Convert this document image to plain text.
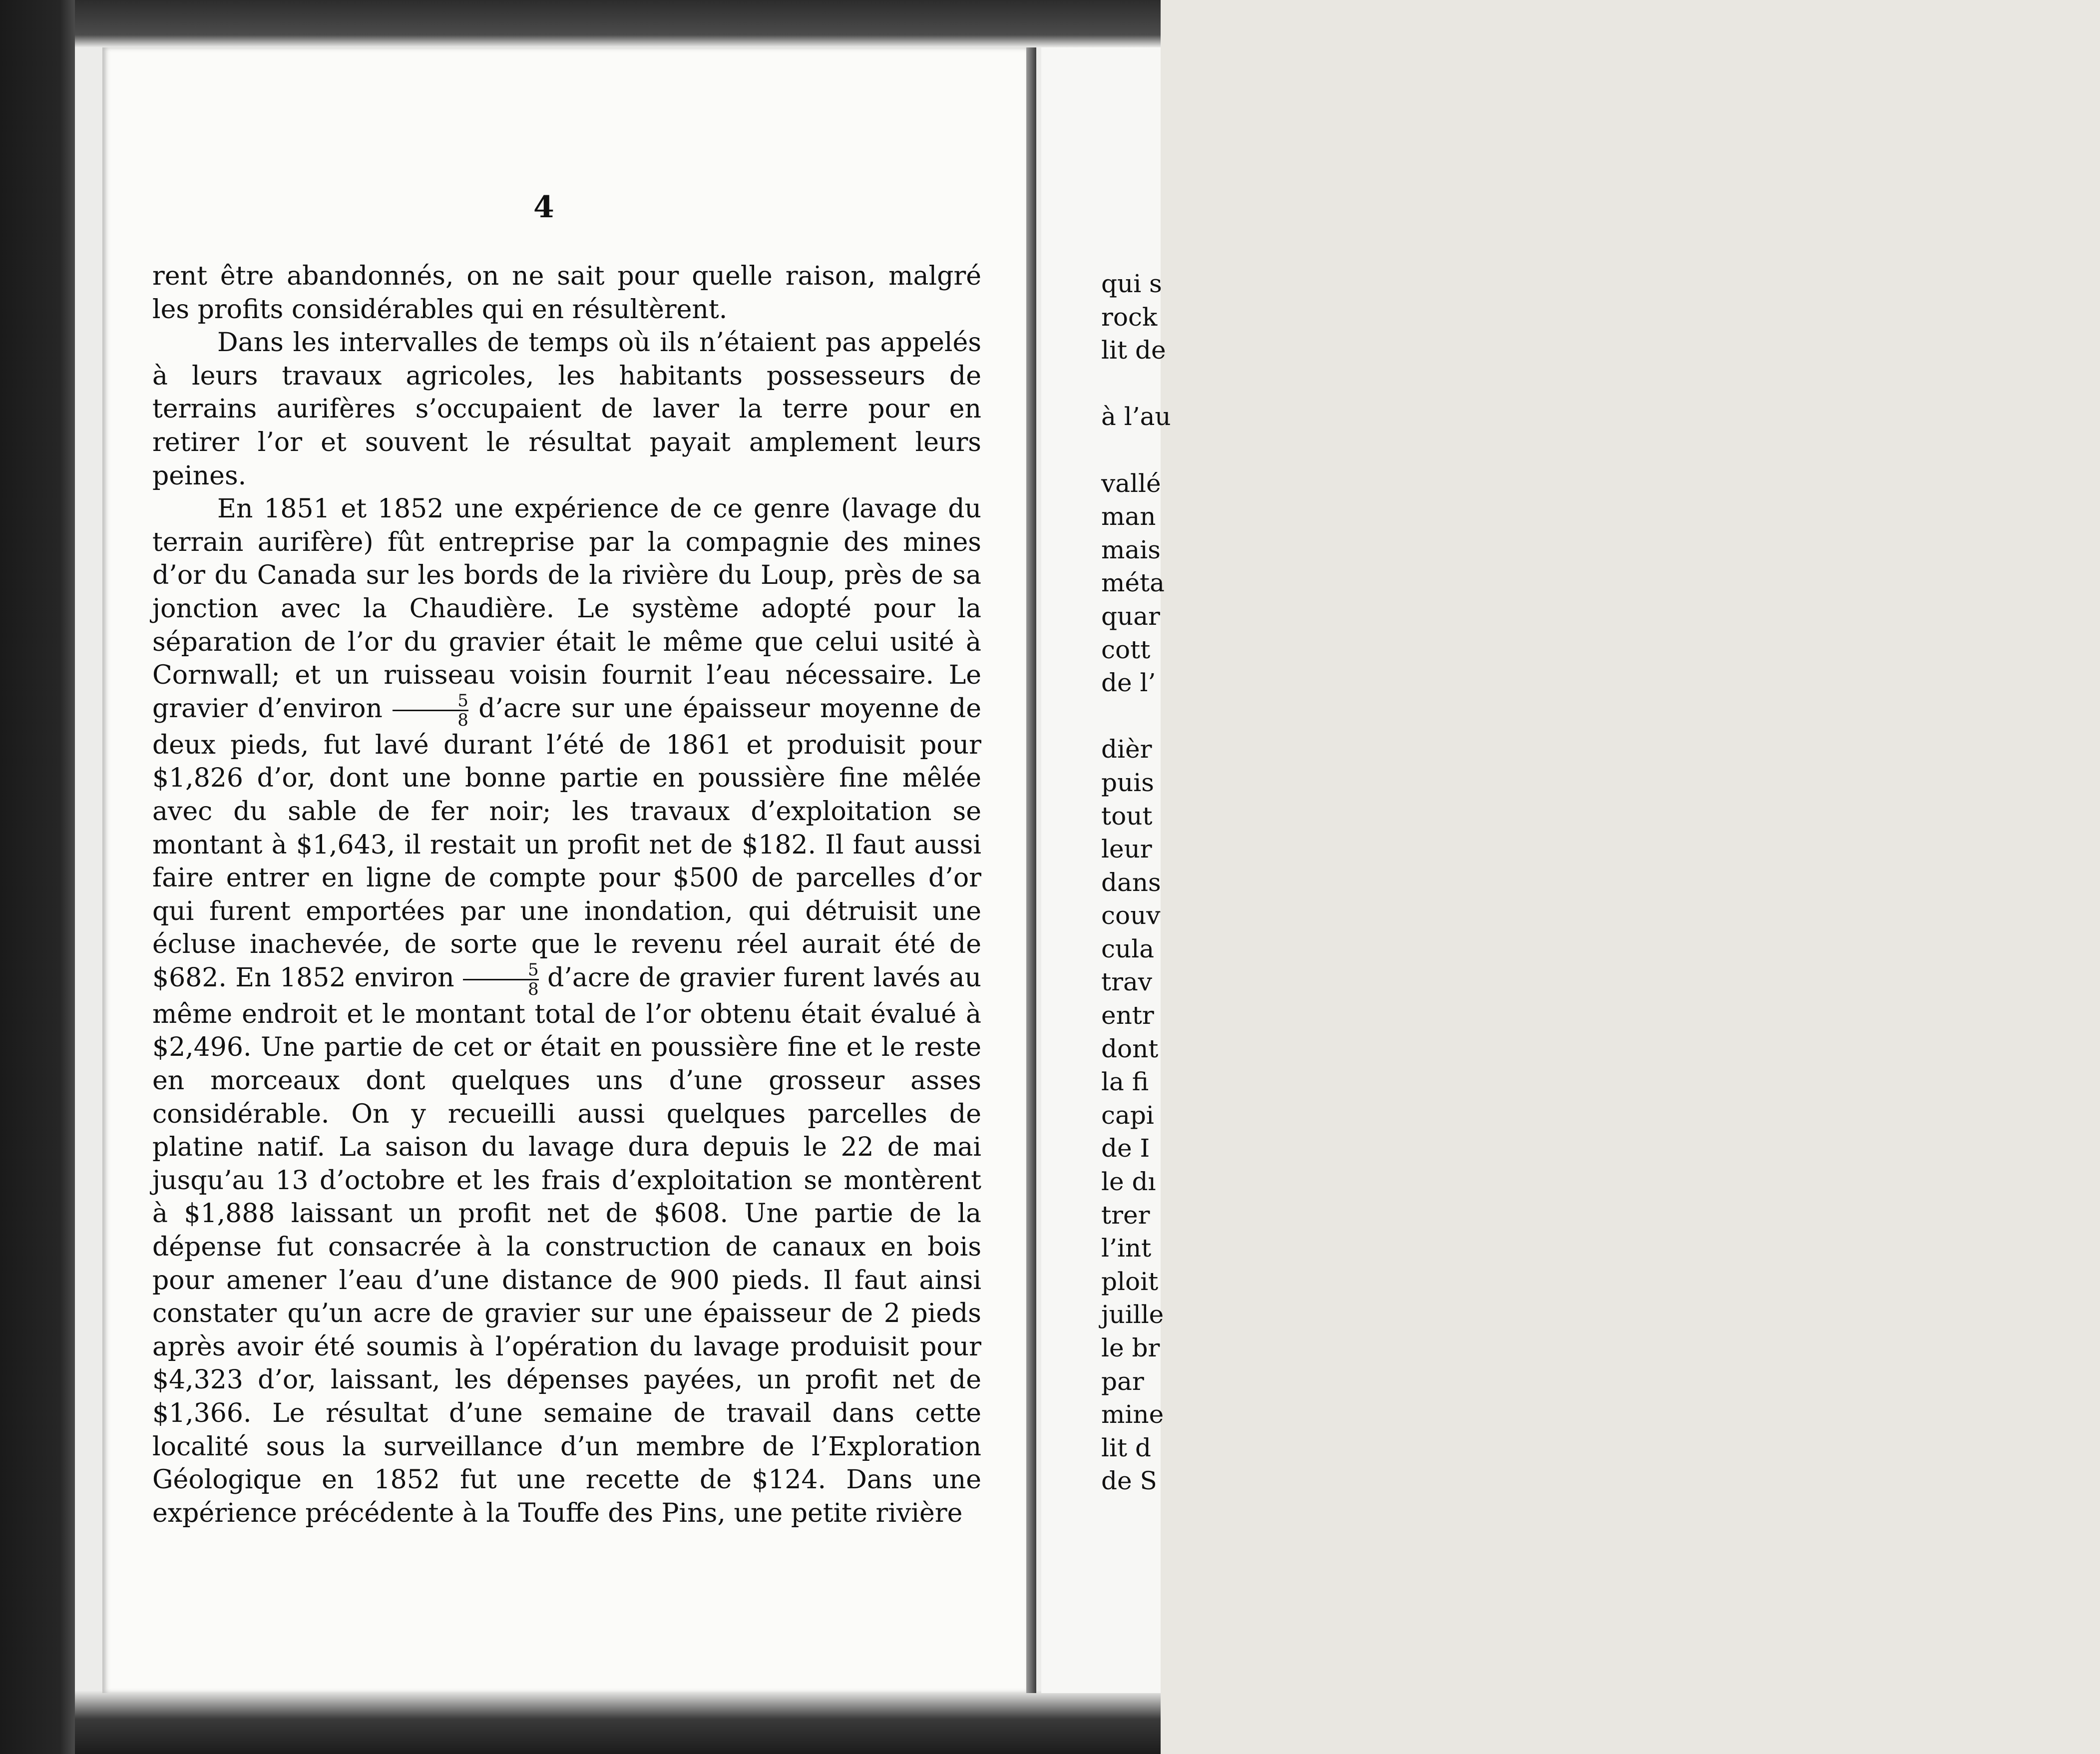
qui s
rock
lit de
à l’au
vallé
man
mais
méta
quar
cott
de l’
dièr
puis
tout
leur
dans
couv
cula
trav
entr
dont
la fi
capi
de I
le dı
trer
l’int
ploit
juille
le br
par
mine
lit d
de S
4

rent être abandonnés, on ne sait pour quelle raison, malgré les profits considérables qui en résultèrent.

Dans les intervalles de temps où ils n’étaient pas appelés à leurs travaux agricoles, les habitants possesseurs de terrains aurifères s’occupaient de laver la terre pour en retirer l’or et souvent le résultat payait amplement leurs peines.

En 1851 et 1852 une expérience de ce genre (lavage du terrain aurifère) fût entreprise par la compagnie des mines d’or du Canada sur les bords de la rivière du Loup, près de sa jonction avec la Chaudière. Le système adopté pour la séparation de l’or du gravier était le même que celui usité à Cornwall; et un ruisseau voisin fournit l’eau nécessaire. Le gravier d’environ $\frac{5}{8}$ d’acre sur une épaisseur moyenne de deux pieds, fut lavé durant l’été de 1861 et produisit pour $1,826 d’or, dont une bonne partie en poussière fine mêlée avec du sable de fer noir; les travaux d’exploitation se montant à $1,643, il restait un profit net de $182. Il faut aussi faire entrer en ligne de compte pour $500 de parcelles d’or qui furent emportées par une inondation, qui détruisit une écluse inachevée, de sorte que le revenu réel aurait été de $682. En 1852 environ $\frac{5}{8}$ d’acre de gravier furent lavés au même endroit et le montant total de l’or obtenu était évalué à $2,496. Une partie de cet or était en poussière fine et le reste en morceaux dont quelques uns d’une grosseur asses considérable. On y recueilli aussi quelques parcelles de platine natif. La saison du lavage dura depuis le 22 de mai jusqu’au 13 d’octobre et les frais d’exploitation se montèrent à $1,888 laissant un profit net de $608. Une partie de la dépense fut consacrée à la construction de canaux en bois pour amener l’eau d’une distance de 900 pieds. Il faut ainsi constater qu’un acre de gravier sur une épaisseur de 2 pieds après avoir été soumis à l’opération du lavage produisit pour $4,323 d’or, laissant, les dépenses payées, un profit net de $1,366. Le résultat d’une semaine de travail dans cette localité sous la surveillance d’un membre de l’Exploration Géologique en 1852 fut une recette de $124. Dans une expérience précédente à la Touffe des Pins, une petite rivière
